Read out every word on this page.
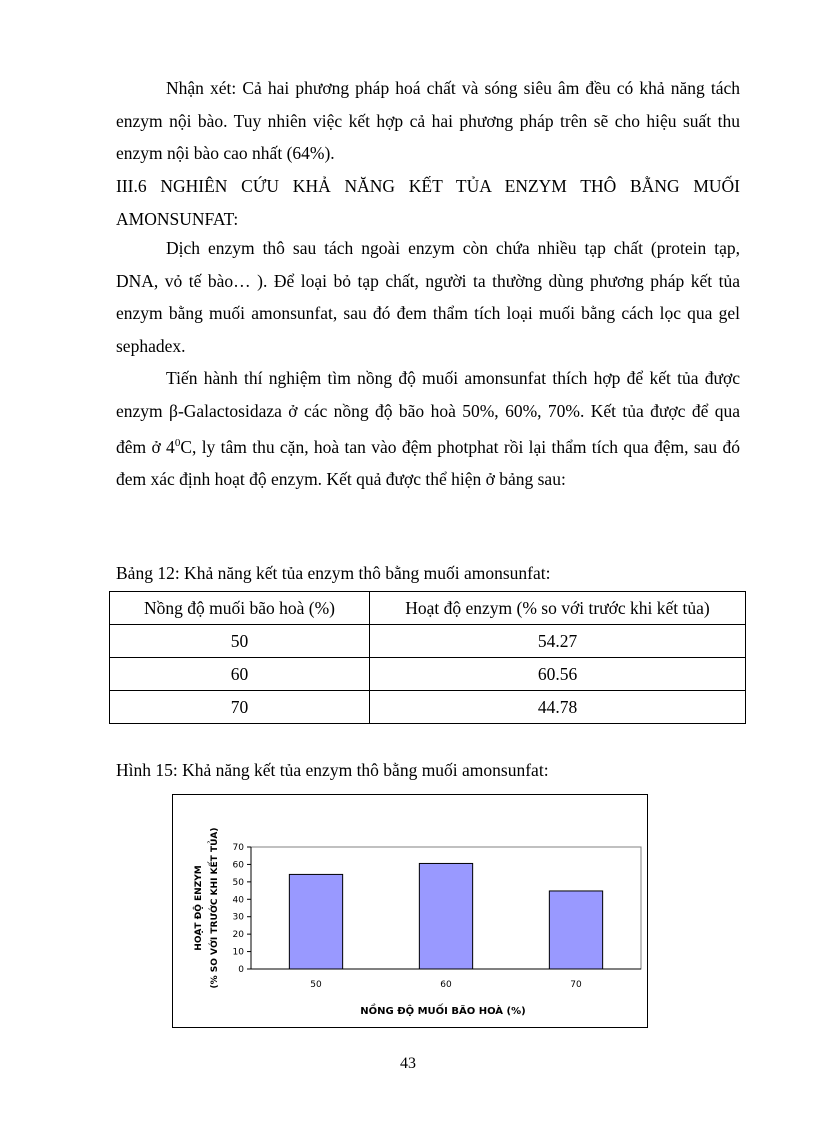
Nhận xét: Cả hai phương pháp hoá chất và sóng siêu âm đều có khả năng tách enzym nội bào. Tuy nhiên việc kết hợp cả hai phương pháp trên sẽ cho hiệu suất thu enzym nội bào cao nhất (64%).

III.6 NGHIÊN CỨU KHẢ NĂNG KẾT TỦA ENZYM THÔ BẰNG MUỐI AMONSUNFAT:

Dịch enzym thô sau tách ngoài enzym còn chứa nhiều tạp chất (protein tạp, DNA, vỏ tế bào… ). Để loại bỏ tạp chất, người ta thường dùng phương pháp kết tủa enzym bằng muối amonsunfat, sau đó đem thẩm tích loại muối bằng cách lọc qua gel sephadex.

Tiến hành thí nghiệm tìm nồng độ muối amonsunfat thích hợp để kết tủa được enzym β-Galactosidaza ở các nồng độ bão hoà 50%, 60%, 70%. Kết tủa được để qua đêm ở $4^0C$, ly tâm thu cặn, hoà tan vào đệm photphat rồi lại thẩm tích qua đệm, sau đó đem xác định hoạt độ enzym. Kết quả được thể hiện ở bảng sau:

Bảng 12: Khả năng kết tủa enzym thô bằng muối amonsunfat:

Nồng độ muối bão hoà (%)	Hoạt độ enzym (% so với trước khi kết tủa)
50	54.27
60	60.56
70	44.78

Hình 15: Khả năng kết tủa enzym thô bằng muối amonsunfat:

0
10
20
30
40
50
60
70
50	60	70
HOẠT ĐỘ ENZYM (% SO VỚI TRƯỚC KHI KẾT TỦA)
NỒNG ĐỘ MUỐI BÃO HOÀ (%)
43
